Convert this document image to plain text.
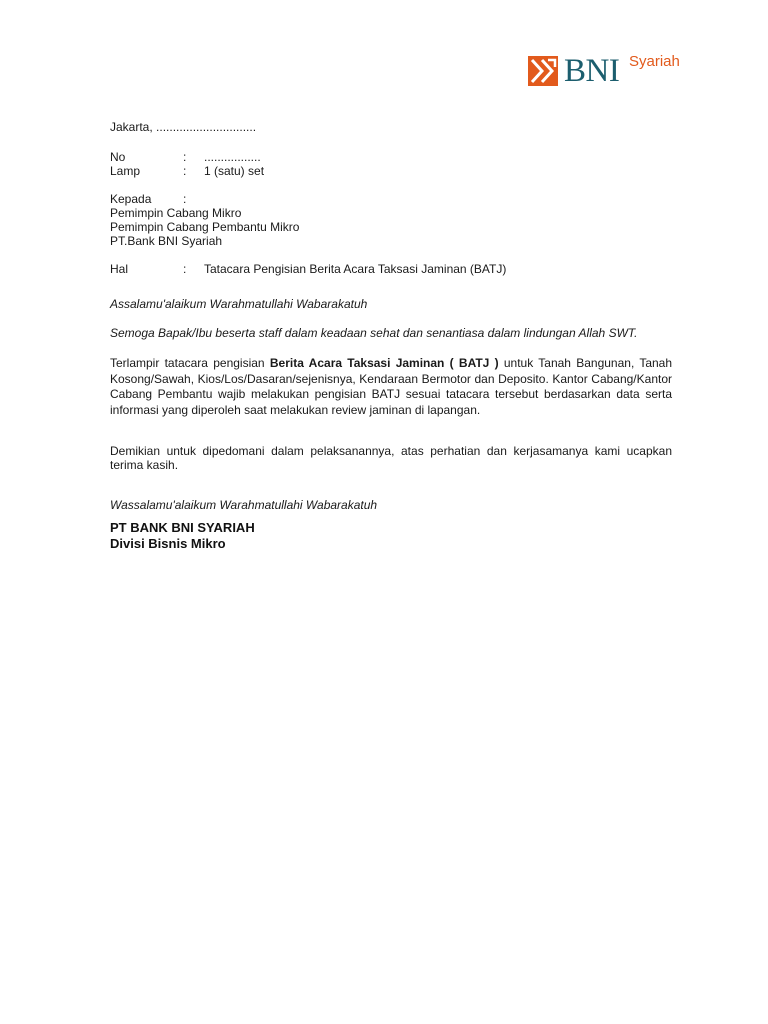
BNI Syariah
Jakarta, ..............................
No	:	.................
Lamp	:	1 (satu) set
Kepada	:
Pemimpin Cabang Mikro
Pemimpin Cabang Pembantu Mikro
PT.Bank BNI Syariah
Hal	:	Tatacara Pengisian Berita Acara Taksasi Jaminan (BATJ)
Assalamu'alaikum Warahmatullahi Wabarakatuh
Semoga Bapak/Ibu beserta staff dalam keadaan sehat dan senantiasa dalam lindungan Allah SWT.
Terlampir tatacara pengisian Berita Acara Taksasi Jaminan ( BATJ ) untuk Tanah Bangunan, Tanah Kosong/Sawah, Kios/Los/Dasaran/sejenisnya, Kendaraan Bermotor dan Deposito. Kantor Cabang/Kantor Cabang Pembantu wajib melakukan pengisian BATJ sesuai tatacara tersebut berdasarkan data serta informasi yang diperoleh saat melakukan review jaminan di lapangan.
Demikian untuk dipedomani dalam pelaksanannya, atas perhatian dan kerjasamanya kami ucapkan terima kasih.
Wassalamu'alaikum Warahmatullahi Wabarakatuh
PT BANK BNI SYARIAH
Divisi Bisnis Mikro
